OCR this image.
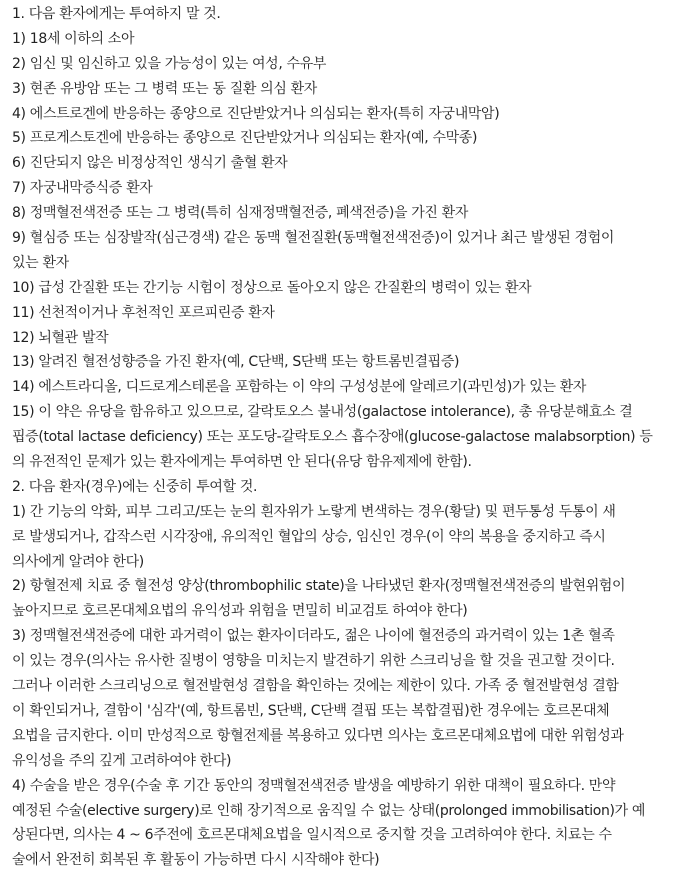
1. 다음 환자에게는 투여하지 말 것.
1) 18세 이하의 소아
2) 임신 및 임신하고 있을 가능성이 있는 여성, 수유부
3) 현존 유방암 또는 그 병력 또는 동 질환 의심 환자
4) 에스트로겐에 반응하는 종양으로 진단받았거나 의심되는 환자(특히 자궁내막암)
5) 프로게스토겐에 반응하는 종양으로 진단받았거나 의심되는 환자(예, 수막종)
6) 진단되지 않은 비정상적인 생식기 출혈 환자
7) 자궁내막증식증 환자
8) 정맥혈전색전증 또는 그 병력(특히 심재정맥혈전증, 폐색전증)을 가진 환자
9) 혈심증 또는 심장발작(심근경색) 같은 동맥 혈전질환(동맥혈전색전증)이 있거나 최근 발생된 경험이
있는 환자
10) 급성 간질환 또는 간기능 시험이 정상으로 돌아오지 않은 간질환의 병력이 있는 환자
11) 선천적이거나 후천적인 포르피린증 환자
12) 뇌혈관 발작
13) 알려진 혈전성향증을 가진 환자(예, C단백, S단백 또는 항트롬빈결핍증)
14) 에스트라디올, 디드로게스테론을 포함하는 이 약의 구성성분에 알레르기(과민성)가 있는 환자
15) 이 약은 유당을 함유하고 있으므로, 갈락토오스 불내성(galactose intolerance), 총 유당분해효소 결
핍증(total lactase deficiency) 또는 포도당-갈락토오스 흡수장애(glucose-galactose malabsorption) 등
의 유전적인 문제가 있는 환자에게는 투여하면 안 된다(유당 함유제제에 한함).
2. 다음 환자(경우)에는 신중히 투여할 것.
1) 간 기능의 악화, 피부 그리고/또는 눈의 흰자위가 노랗게 변색하는 경우(황달) 및 편두통성 두통이 새
로 발생되거나, 갑작스런 시각장애, 유의적인 혈압의 상승, 임신인 경우(이 약의 복용을 중지하고 즉시
의사에게 알려야 한다)
2) 항혈전제 치료 중 혈전성 양상(thrombophilic state)을 나타냈던 환자(정맥혈전색전증의 발현위험이
높아지므로 호르몬대체요법의 유익성과 위험을 면밀히 비교검토 하여야 한다)
3) 정맥혈전색전증에 대한 과거력이 없는 환자이더라도, 젊은 나이에 혈전증의 과거력이 있는 1촌 혈족
이 있는 경우(의사는 유사한 질병이 영향을 미치는지 발견하기 위한 스크리닝을 할 것을 권고할 것이다.
그러나 이러한 스크리닝으로 혈전발현성 결함을 확인하는 것에는 제한이 있다. 가족 중 혈전발현성 결함
이 확인되거나, 결함이 '심각'(예, 항트롬빈, S단백, C단백 결핍 또는 복합결핍)한 경우에는 호르몬대체
요법을 금지한다. 이미 만성적으로 항혈전제를 복용하고 있다면 의사는 호르몬대체요법에 대한 위험성과
유익성을 주의 깊게 고려하여야 한다)
4) 수술을 받은 경우(수술 후 기간 동안의 정맥혈전색전증 발생을 예방하기 위한 대책이 필요하다. 만약
예정된 수술(elective surgery)로 인해 장기적으로 움직일 수 없는 상태(prolonged immobilisation)가 예
상된다면, 의사는 4 ~ 6주전에 호르몬대체요법을 일시적으로 중지할 것을 고려하여야 한다. 치료는 수
술에서 완전히 회복된 후 활동이 가능하면 다시 시작해야 한다)
